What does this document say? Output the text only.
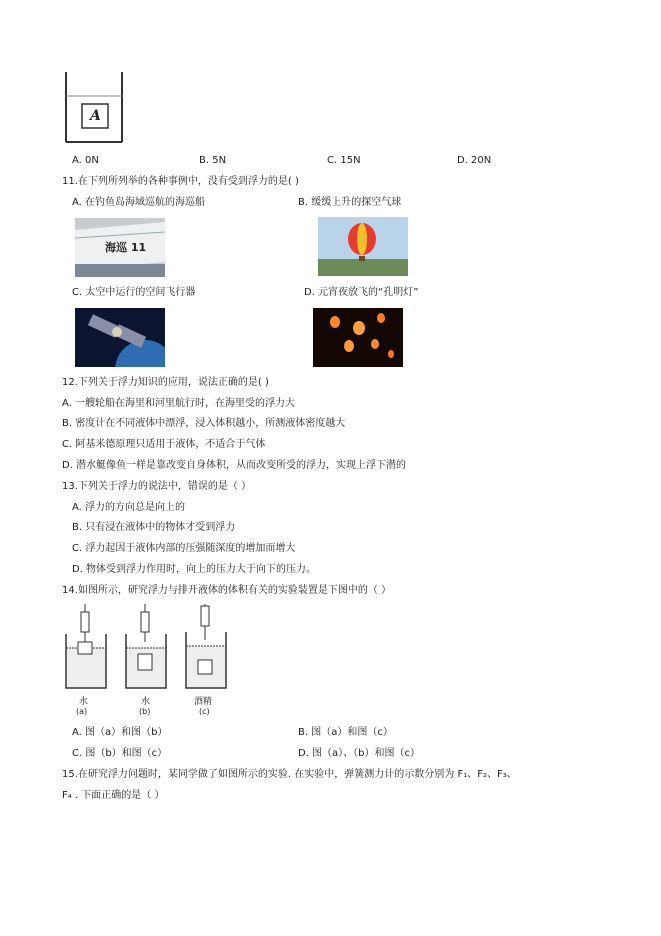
A
A. 0N	B. 5N	C. 15N	D. 20N
11.在下列所列举的各种事例中，没有受到浮力的是( )
A. 在钓鱼岛海域巡航的海巡船	B. 缓缓上升的探空气球
海巡 11
C. 太空中运行的空间飞行器	D. 元宵夜放飞的“孔明灯”
12.下列关于浮力知识的应用，说法正确的是( )
A. 一艘轮船在海里和河里航行时，在海里受的浮力大
B. 密度计在不同液体中漂浮，浸入体积越小，所测液体密度越大
C. 阿基米德原理只适用于液体，不适合于气体
D. 潜水艇像鱼一样是靠改变自身体积，从而改变所受的浮力，实现上浮下潜的
13.下列关于浮力的说法中，错误的是（ ）
A. 浮力的方向总是向上的
B. 只有浸在液体中的物体才受到浮力
C. 浮力起因于液体内部的压强随深度的增加而增大
D. 物体受到浮力作用时，向上的压力大于向下的压力。
14.如图所示，研究浮力与排开液体的体积有关的实验装置是下图中的（ ）
水
(a)
水
(b)
酒精
(c)
A. 图（a）和图（b）	B. 图（a）和图（c）
C. 图（b）和图（c）	D. 图（a）、（b）和图（c）
15.在研究浮力问题时，某同学做了如图所示的实验. 在实验中，弹簧测力计的示数分别为 F₁、F₂、F₃、
F₄ . 下面正确的是（ ）
